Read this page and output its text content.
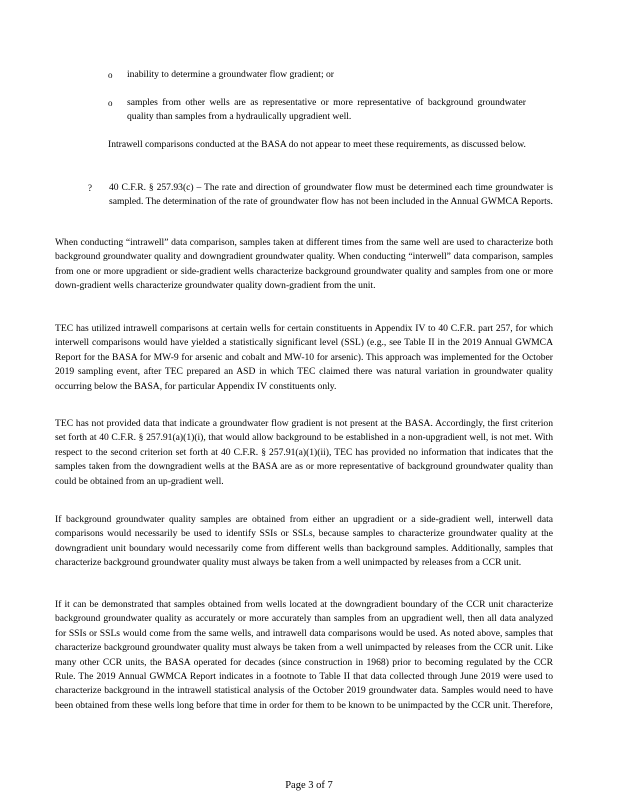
o	inability to determine a groundwater flow gradient; or
o	samples from other wells are as representative or more representative of background groundwater quality than samples from a hydraulically upgradient well.

Intrawell comparisons conducted at the BASA do not appear to meet these requirements, as discussed below.

?	40 C.F.R. § 257.93(c) – The rate and direction of groundwater flow must be determined each time groundwater is sampled. The determination of the rate of groundwater flow has not been included in the Annual GWMCA Reports.

When conducting “intrawell” data comparison, samples taken at different times from the same well are used to characterize both background groundwater quality and downgradient groundwater quality. When conducting “interwell” data comparison, samples from one or more upgradient or side-gradient wells characterize background groundwater quality and samples from one or more down-gradient wells characterize groundwater quality down-gradient from the unit.

TEC has utilized intrawell comparisons at certain wells for certain constituents in Appendix IV to 40 C.F.R. part 257, for which interwell comparisons would have yielded a statistically significant level (SSL) (e.g., see Table II in the 2019 Annual GWMCA Report for the BASA for MW-9 for arsenic and cobalt and MW-10 for arsenic). This approach was implemented for the October 2019 sampling event, after TEC prepared an ASD in which TEC claimed there was natural variation in groundwater quality occurring below the BASA, for particular Appendix IV constituents only.

TEC has not provided data that indicate a groundwater flow gradient is not present at the BASA. Accordingly, the first criterion set forth at 40 C.F.R. § 257.91(a)(1)(i), that would allow background to be established in a non-upgradient well, is not met. With respect to the second criterion set forth at 40 C.F.R. § 257.91(a)(1)(ii), TEC has provided no information that indicates that the samples taken from the downgradient wells at the BASA are as or more representative of background groundwater quality than could be obtained from an up-gradient well.

If background groundwater quality samples are obtained from either an upgradient or a side-gradient well, interwell data comparisons would necessarily be used to identify SSIs or SSLs, because samples to characterize groundwater quality at the downgradient unit boundary would necessarily come from different wells than background samples. Additionally, samples that characterize background groundwater quality must always be taken from a well unimpacted by releases from a CCR unit.

If it can be demonstrated that samples obtained from wells located at the downgradient boundary of the CCR unit characterize background groundwater quality as accurately or more accurately than samples from an upgradient well, then all data analyzed for SSIs or SSLs would come from the same wells, and intrawell data comparisons would be used. As noted above, samples that characterize background groundwater quality must always be taken from a well unimpacted by releases from the CCR unit. Like many other CCR units, the BASA operated for decades (since construction in 1968) prior to becoming regulated by the CCR Rule. The 2019 Annual GWMCA Report indicates in a footnote to Table II that data collected through June 2019 were used to characterize background in the intrawell statistical analysis of the October 2019 groundwater data. Samples would need to have been obtained from these wells long before that time in order for them to be known to be unimpacted by the CCR unit. Therefore,

Page 3 of 7
